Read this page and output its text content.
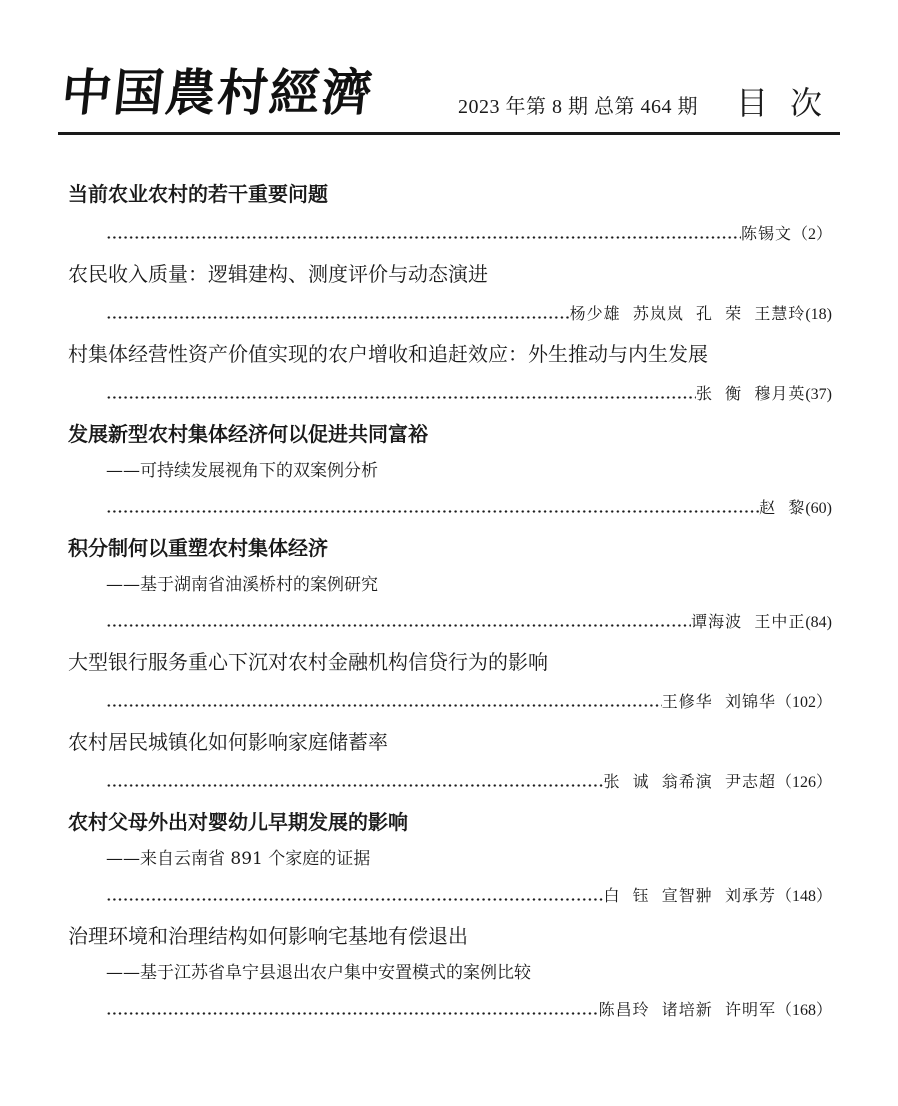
中国農村經濟	2023 年第 8 期 总第 464 期 目次
当前农业农村的若干重要问题
陈锡文（2）
农民收入质量：逻辑建构、测度评价与动态演进
杨少雄  苏岚岚  孔  荣  王慧玲(18)
村集体经营性资产价值实现的农户增收和追赶效应：外生推动与内生发展
张  衡  穆月英(37)
发展新型农村集体经济何以促进共同富裕
——可持续发展视角下的双案例分析
赵  黎(60)
积分制何以重塑农村集体经济
——基于湖南省油溪桥村的案例研究
谭海波  王中正(84)
大型银行服务重心下沉对农村金融机构信贷行为的影响
王修华  刘锦华（102）
农村居民城镇化如何影响家庭储蓄率
张  诚  翁希演  尹志超（126）
农村父母外出对婴幼儿早期发展的影响
——来自云南省 891 个家庭的证据
白  钰  宣智翀  刘承芳（148）
治理环境和治理结构如何影响宅基地有偿退出
——基于江苏省阜宁县退出农户集中安置模式的案例比较
陈昌玲  诸培新  许明军（168）
